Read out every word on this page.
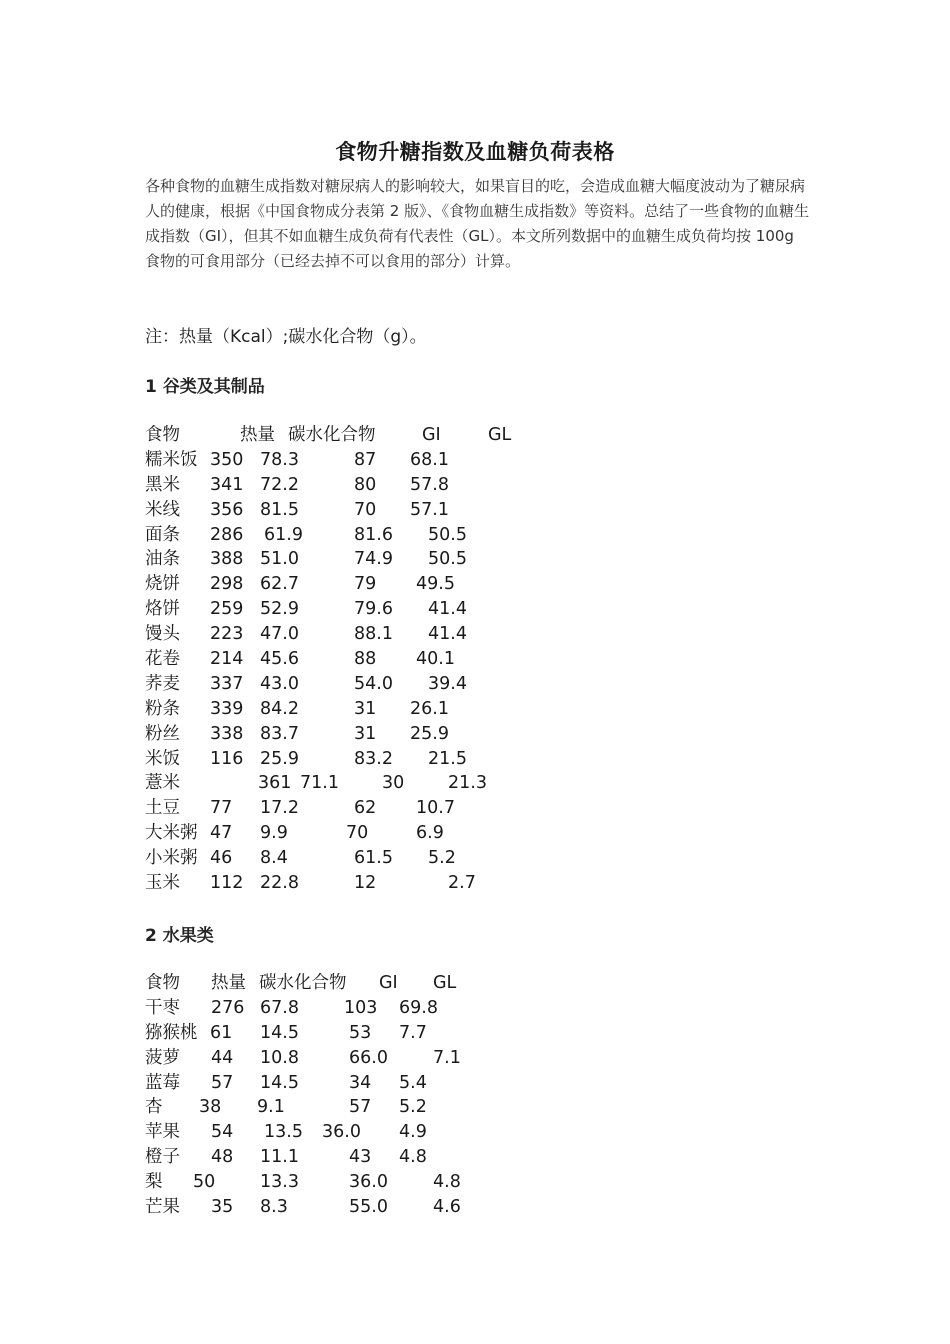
食物升糖指数及血糖负荷表格
各种食物的血糖生成指数对糖尿病人的影响较大，如果盲目的吃，会造成血糖大幅度波动为了糖尿病人的健康，根据《中国食物成分表第 2 版》、《食物血糖生成指数》等资料。总结了一些食物的血糖生成指数（GI），但其不如血糖生成负荷有代表性（GL）。本文所列数据中的血糖生成负荷均按 100g 食物的可食用部分（已经去掉不可以食用的部分）计算。
注：热量（Kcal）;碳水化合物（g）。
1 谷类及其制品
食物	热量 碳水化合物	GI	GL
糯米饭 350 78.3	87 68.1
黑米 341 72.2	80 57.8
米线 356 81.5	70 57.1
面条 286 61.9	81.6 50.5
油条 388 51.0	74.9 50.5
烧饼 298 62.7	79 49.5
烙饼 259 52.9	79.6 41.4
馒头 223 47.0	88.1 41.4
花卷 214 45.6	88 40.1
荞麦 337 43.0	54.0 39.4
粉条 339 84.2	31 26.1
粉丝 338 83.7	31 25.9
米饭 116 25.9	83.2 21.5
薏米	361 71.1 30 21.3
土豆 77 17.2	62 10.7
大米粥 47 9.9	70	6.9
小米粥 46 8.4	61.5 5.2
玉米 112 22.8	12	2.7
2 水果类
食物 热量 碳水化合物 GI GL
干枣 276 67.8	103 69.8
猕猴桃 61 14.5	53 7.7
菠萝 44 10.8	66.0	7.1
蓝莓 57 14.5	34 5.4
杏 38 9.1	57 5.2
苹果 54 13.5 36.0 4.9
橙子 48 11.1	43 4.8
梨 50	13.3	36.0	4.8
芒果 35 8.3	55.0	4.6
